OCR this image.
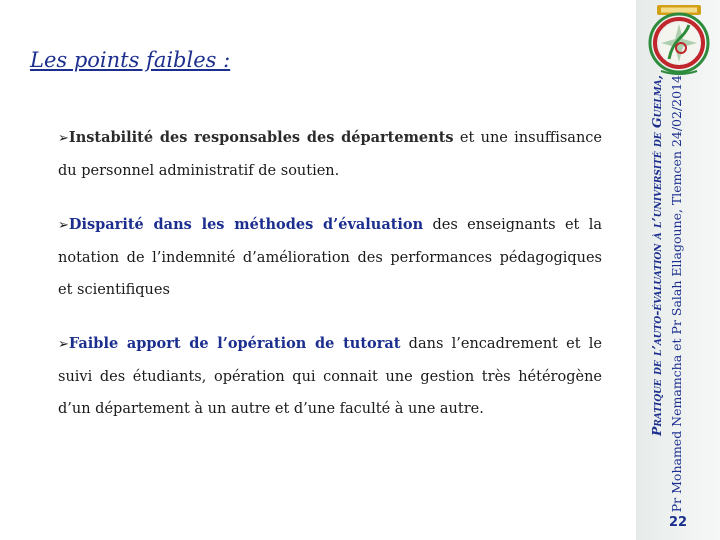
Les points faibles :

➢Instabilité des responsables des départements et une insuffisance du personnel administratif de soutien.

➢Disparité dans les méthodes d’évaluation des enseignants et la notation de l’indemnité d’amélioration des performances pédagogiques et scientifiques

➢Faible apport de l’opération de tutorat dans l’encadrement et le suivi des étudiants, opération qui connait une gestion très hétérogène d’un département à un autre et d’une faculté à une autre.	Pratique de l’auto-évaluation à l’université de Guelma, Pr Mohamed Nemamcha et Pr Salah Ellagoune, Tlemcen 24/02/2014
22
